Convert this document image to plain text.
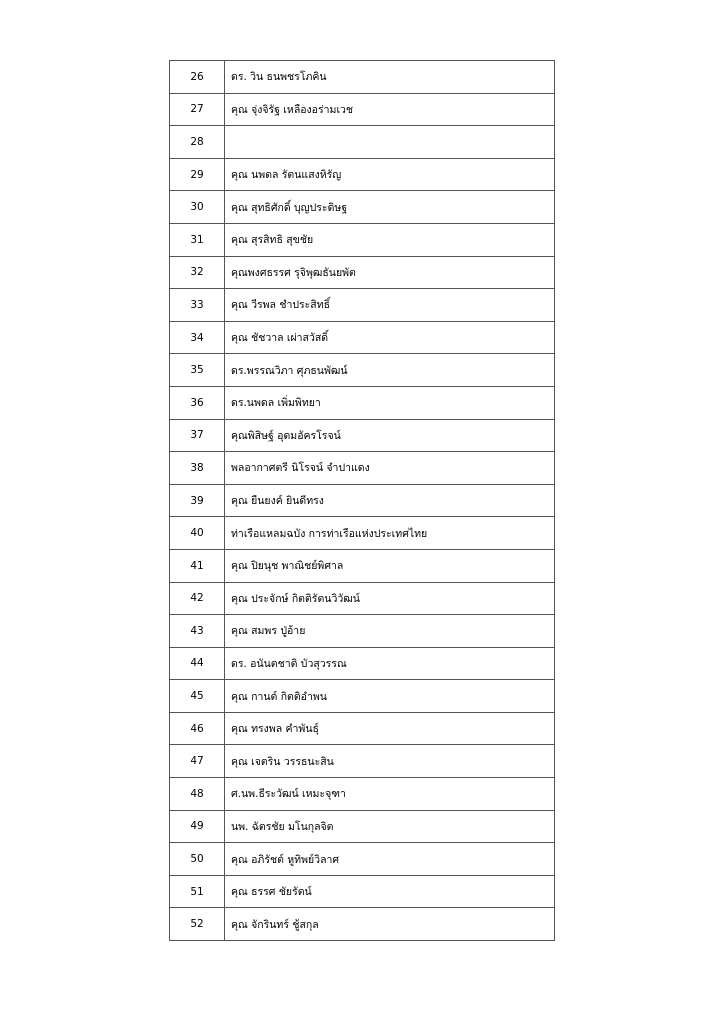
26	ดร. วิน ธนพชรโภคิน
27	คุณ จุ่งจิรัฐ เหลืองอร่ามเวช
28	
29	คุณ นพดล รัตนแสงหิรัญ
30	คุณ สุทธิศักดิ์ บุญประดิษฐ
31	คุณ สุรสิทธิ สุขชัย
32	คุณพงศธรรศ รุจิพุฒธันยพัต
33	คุณ วีรพล ชำประสิทธิ์
34	คุณ ชัชวาล เผ่าสวัสดิ์
35	ดร.พรรณวิภา ศุภธนพัฒน์
36	ดร.นพดล เพิ่มพิทยา
37	คุณพิสิษฐ์ อุดมอัครโรจน์
38	พลอากาศตรี นิโรจน์ จำปาแดง
39	คุณ ยืนยงค์ ยินดีทรง
40	ท่าเรือแหลมฉบัง การท่าเรือแห่งประเทศไทย
41	คุณ ปิยนุช พาณิชย์พิศาล
42	คุณ ประจักษ์ กิตติรัตนวิวัฒน์
43	คุณ สมพร ปู่อ้าย
44	ดร. อนันตชาติ บัวสุวรรณ
45	คุณ กานต์ กิตติอำพน
46	คุณ ทรงพล คำพันธุ์
47	คุณ เจตริน วรรธนะสิน
48	ศ.นพ.ธีระวัฒน์ เหมะจุฑา
49	นพ. ฉัตรชัย มโนกุลจิต
50	คุณ อภิรัชต์ หูทิพย์วิลาศ
51	คุณ ธรรศ ชัยรัตน์
52	คุณ จักรินทร์ ชู้สกุล
